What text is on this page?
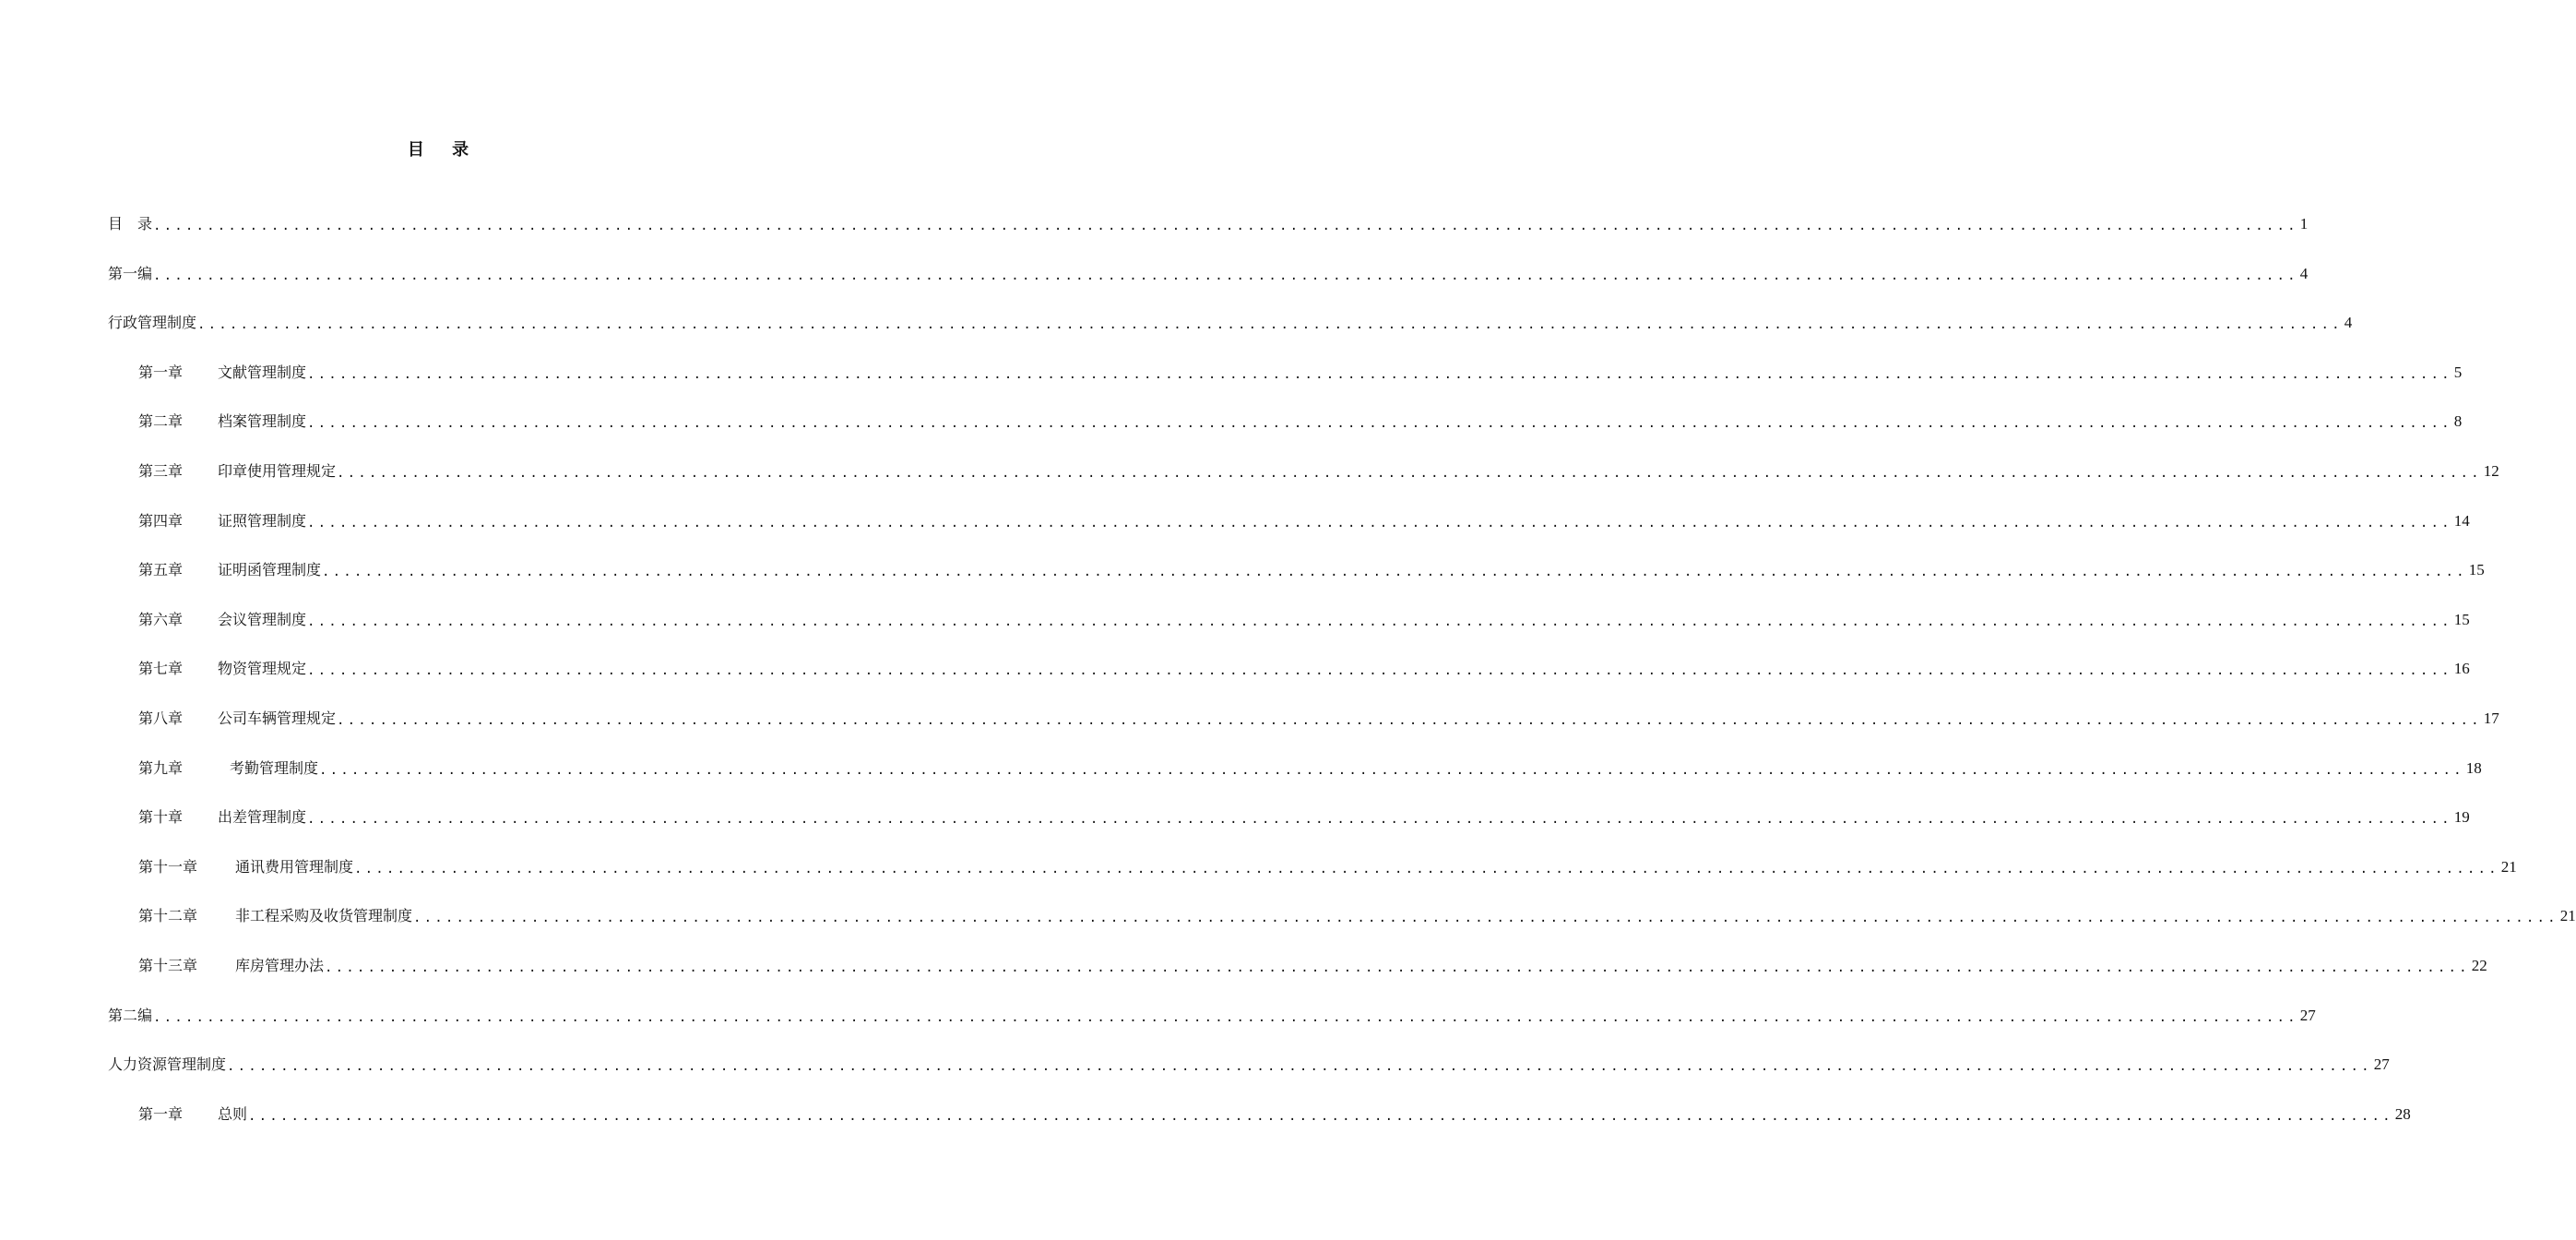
目 录
目　录 ........................................................................................................................................................................................................ 1
第一编 ........................................................................................................................................................................................................ 4
行政管理制度 ........................................................................................................................................................................................................ 4
第一章 文献管理制度 ........................................................................................................................................................................................................ 5
第二章 档案管理制度 ........................................................................................................................................................................................................ 8
第三章 印章使用管理规定 ........................................................................................................................................................................................................ 12
第四章 证照管理制度 ........................................................................................................................................................................................................ 14
第五章 证明函管理制度 ........................................................................................................................................................................................................ 15
第六章 会议管理制度 ........................................................................................................................................................................................................ 15
第七章 物资管理规定 ........................................................................................................................................................................................................ 16
第八章 公司车辆管理规定 ........................................................................................................................................................................................................ 17
第九章	考勤管理制度 ........................................................................................................................................................................................................ 18
第十章 出差管理制度 ........................................................................................................................................................................................................ 19
第十一章	通讯费用管理制度 ........................................................................................................................................................................................................ 21
第十二章	非工程采购及收货管理制度 ........................................................................................................................................................................................................ 21
第十三章	库房管理办法 ........................................................................................................................................................................................................ 22
第二编 ........................................................................................................................................................................................................ 27
人力资源管理制度 ........................................................................................................................................................................................................ 27
第一章 总则 ........................................................................................................................................................................................................ 28
